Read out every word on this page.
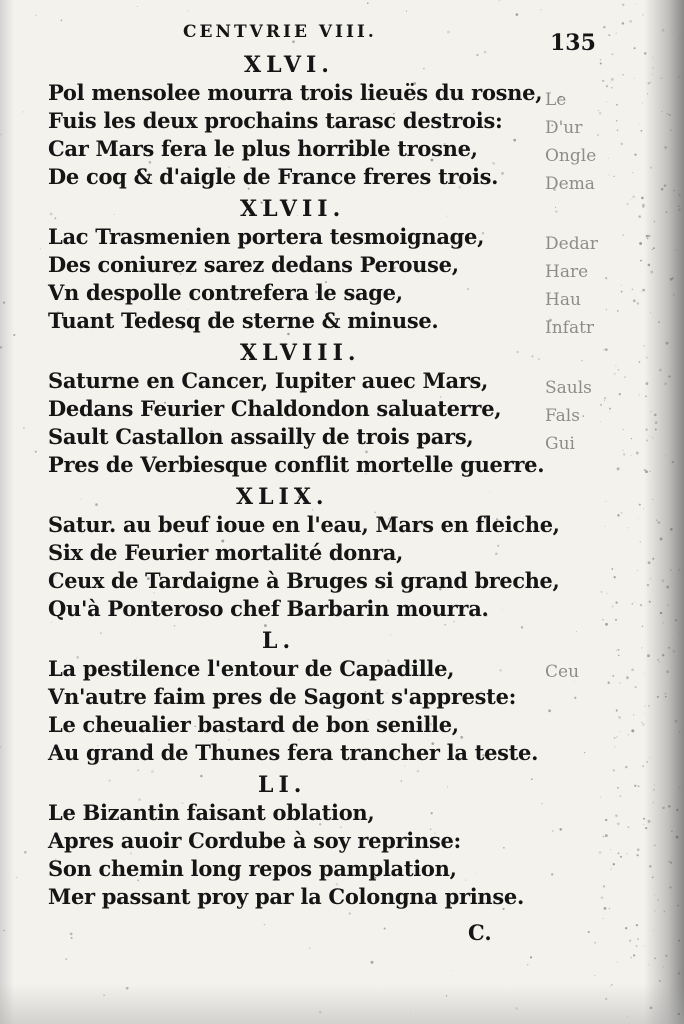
Le
D'ur
Ongle
Dema
Dedar
Hare
Hau
Infatr
Sauls
Fals
Gui
Ceu
CENTVRIE VIII.	135
XLVI.
Pol mensolee mourra trois lieuës du rosne,
Fuis les deux prochains tarasc destrois:
Car Mars fera le plus horrible trosne,
De coq & d'aigle de France freres trois.
XLVII.
Lac Trasmenien portera tesmoignage,
Des coniurez sarez dedans Perouse,
Vn despolle contrefera le sage,
Tuant Tedesq de sterne & minuse.
XLVIII.
Saturne en Cancer, Iupiter auec Mars,
Dedans Feurier Chaldondon saluaterre,
Sault Castallon assailly de trois pars,
Pres de Verbiesque conflit mortelle guerre.
XLIX.
Satur. au beuf ioue en l'eau, Mars en fleiche,
Six de Feurier mortalité donra,
Ceux de Tardaigne à Bruges si grand breche,
Qu'à Ponteroso chef Barbarin mourra.
L.
La pestilence l'entour de Capadille,
Vn'autre faim pres de Sagont s'appreste:
Le cheualier bastard de bon senille,
Au grand de Thunes fera trancher la teste.
LI.
Le Bizantin faisant oblation,
Apres auoir Cordube à soy reprinse:
Son chemin long repos pamplation,
Mer passant proy par la Colongna prinse.
C.
